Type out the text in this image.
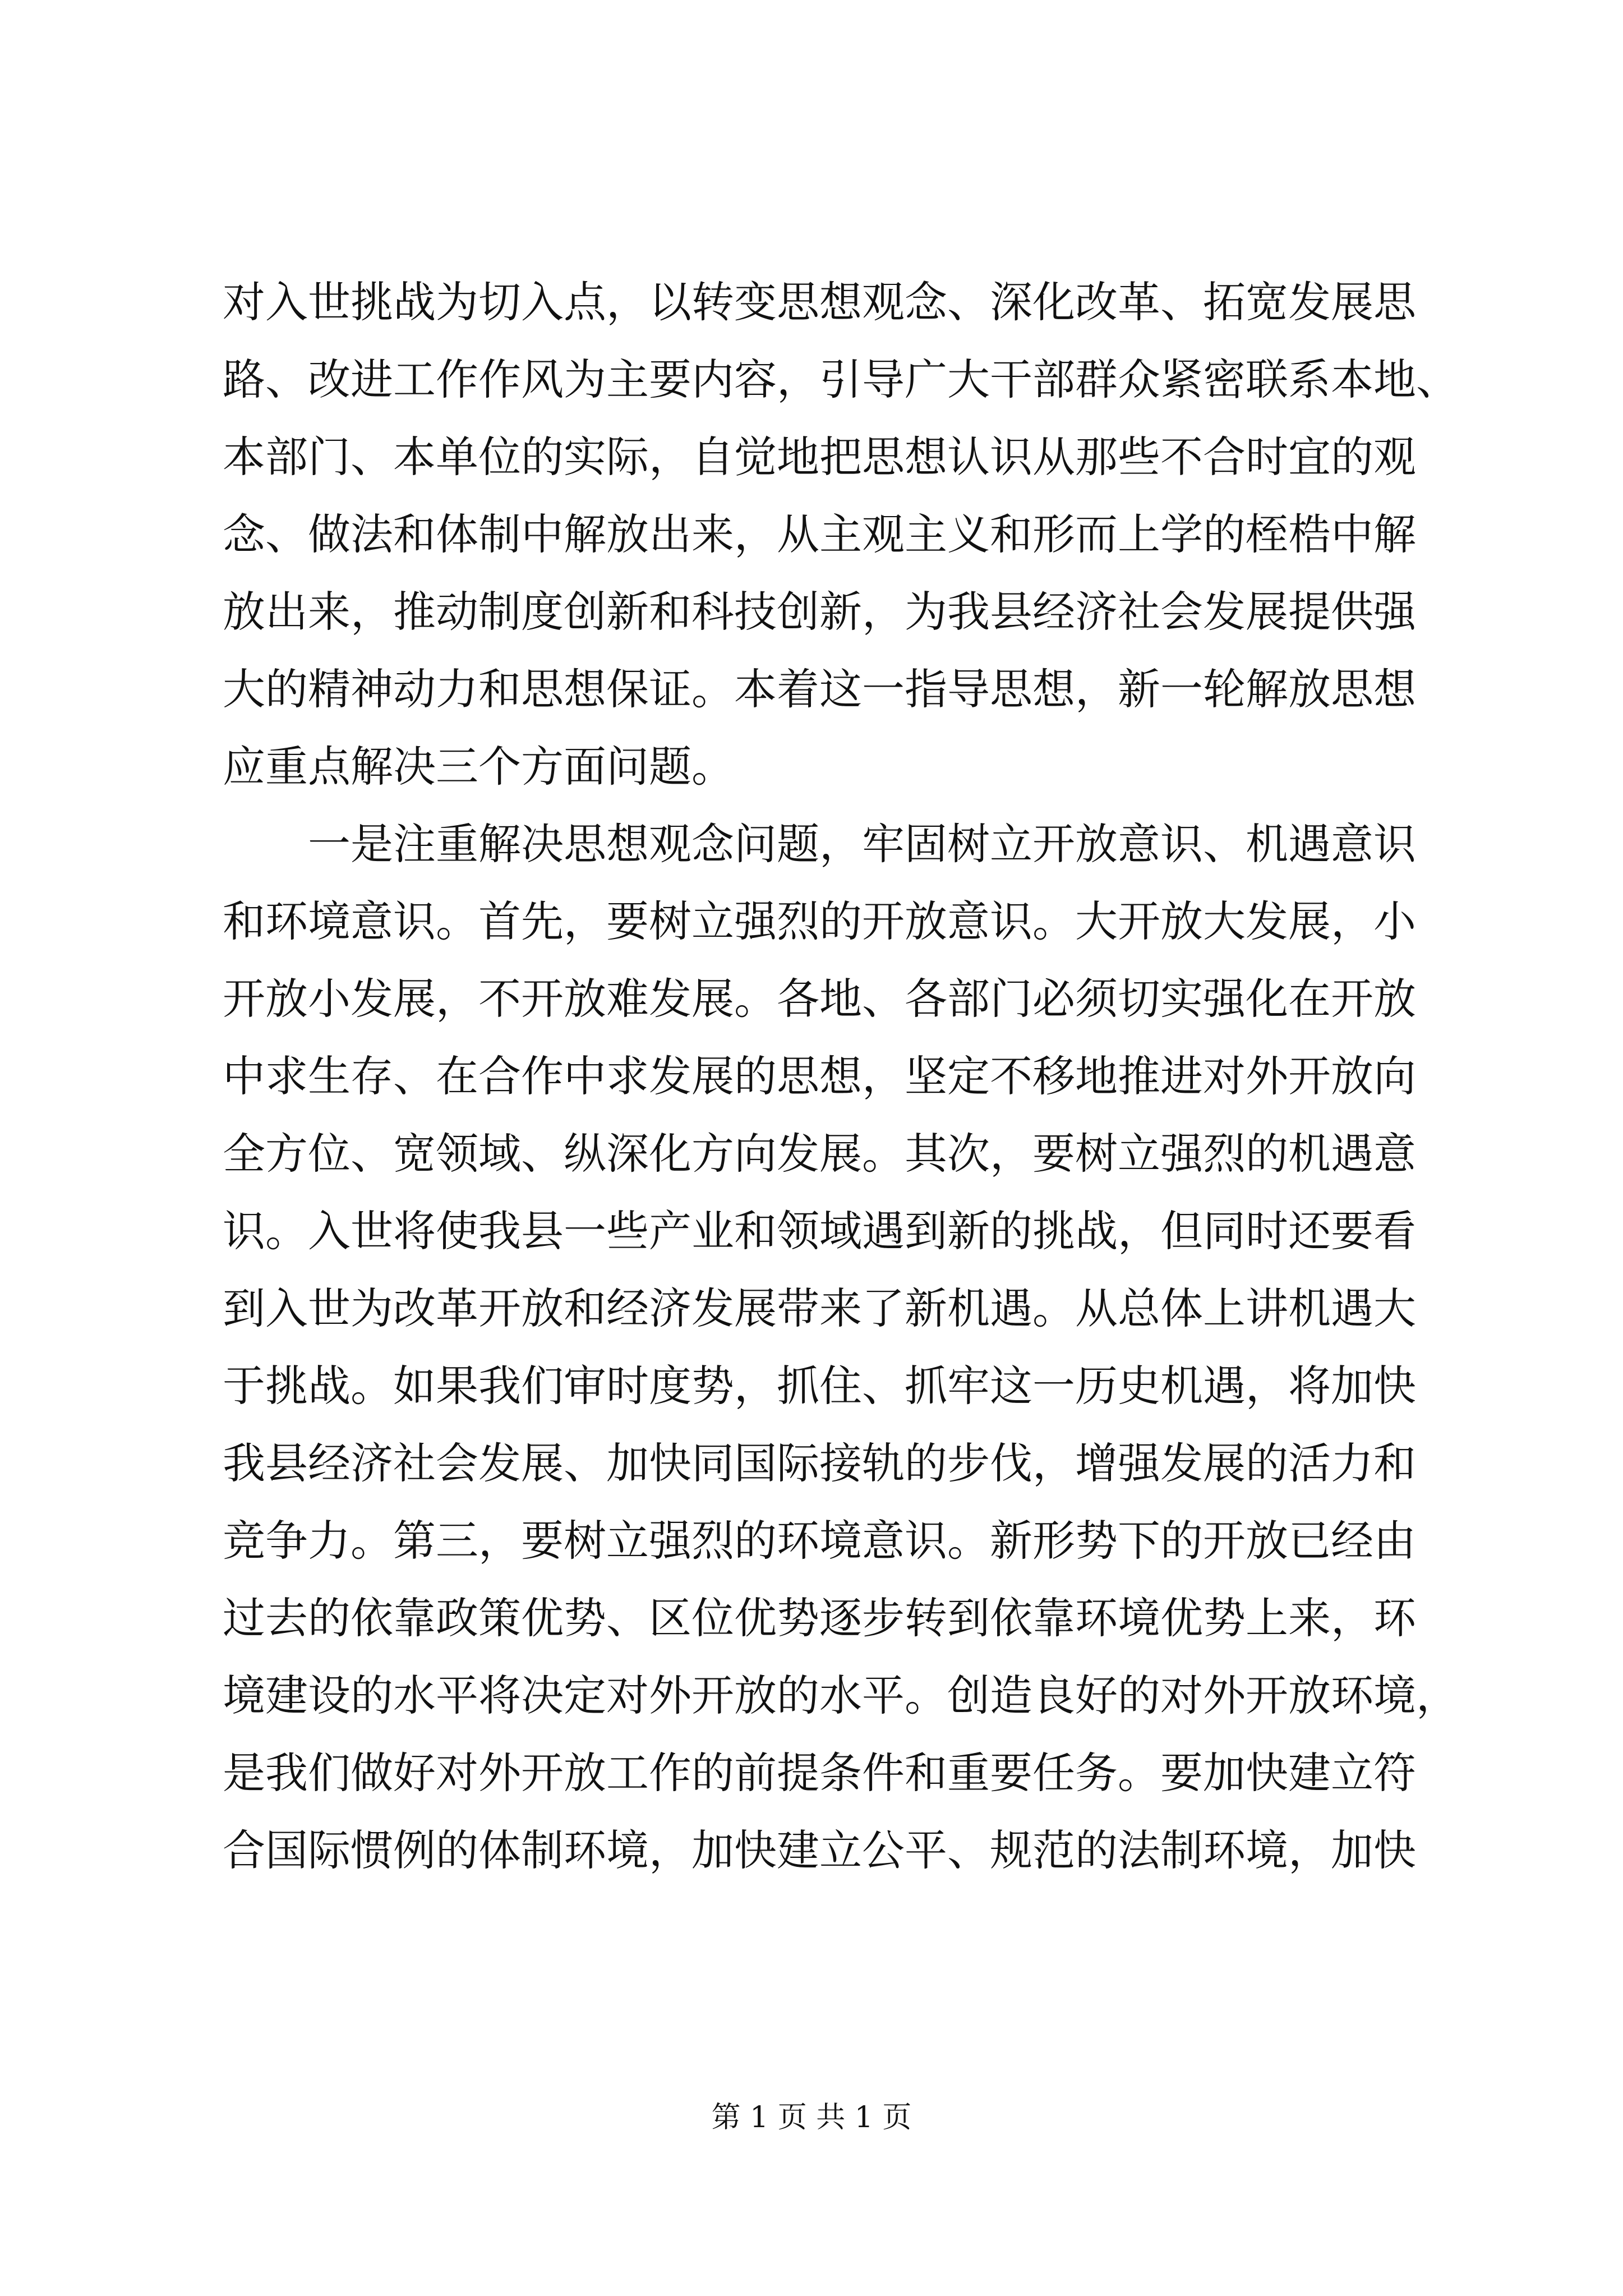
对入世挑战为切入点，以转变思想观念、深化改革、拓宽发展思
路、改进工作作风为主要内容，引导广大干部群众紧密联系本地、
本部门、本单位的实际，自觉地把思想认识从那些不合时宜的观
念、做法和体制中解放出来，从主观主义和形而上学的桎梏中解
放出来，推动制度创新和科技创新，为我县经济社会发展提供强
大的精神动力和思想保证。本着这一指导思想，新一轮解放思想
应重点解决三个方面问题。
　　一是注重解决思想观念问题，牢固树立开放意识、机遇意识
和环境意识。首先，要树立强烈的开放意识。大开放大发展，小
开放小发展，不开放难发展。各地、各部门必须切实强化在开放
中求生存、在合作中求发展的思想，坚定不移地推进对外开放向
全方位、宽领域、纵深化方向发展。其次，要树立强烈的机遇意
识。入世将使我县一些产业和领域遇到新的挑战，但同时还要看
到入世为改革开放和经济发展带来了新机遇。从总体上讲机遇大
于挑战。如果我们审时度势，抓住、抓牢这一历史机遇，将加快
我县经济社会发展、加快同国际接轨的步伐，增强发展的活力和
竞争力。第三，要树立强烈的环境意识。新形势下的开放已经由
过去的依靠政策优势、区位优势逐步转到依靠环境优势上来，环
境建设的水平将决定对外开放的水平。创造良好的对外开放环境，
是我们做好对外开放工作的前提条件和重要任务。要加快建立符
合国际惯例的体制环境，加快建立公平、规范的法制环境，加快
第 1 页 共 1 页
